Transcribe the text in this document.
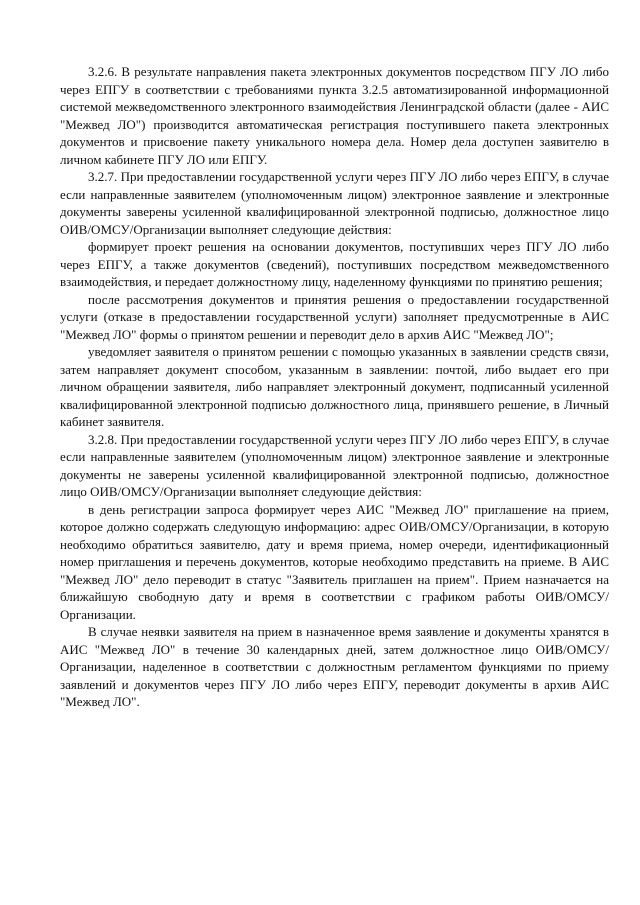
3.2.6. В результате направления пакета электронных документов посредством ПГУ ЛО либо через ЕПГУ в соответствии с требованиями пункта 3.2.5 автоматизированной информационной системой межведомственного электронного взаимодействия Ленинградской области (далее - АИС "Межвед ЛО") производится автоматическая регистрация поступившего пакета электронных документов и присвоение пакету уникального номера дела. Номер дела доступен заявителю в личном кабинете ПГУ ЛО или ЕПГУ.

3.2.7. При предоставлении государственной услуги через ПГУ ЛО либо через ЕПГУ, в случае если направленные заявителем (уполномоченным лицом) электронное заявление и электронные документы заверены усиленной квалифицированной электронной подписью, должностное лицо ОИВ/ОМСУ/Организации выполняет следующие действия:

формирует проект решения на основании документов, поступивших через ПГУ ЛО либо через ЕПГУ, а также документов (сведений), поступивших посредством межведомственного взаимодействия, и передает должностному лицу, наделенному функциями по принятию решения;

после рассмотрения документов и принятия решения о предоставлении государственной услуги (отказе в предоставлении государственной услуги) заполняет предусмотренные в АИС "Межвед ЛО" формы о принятом решении и переводит дело в архив АИС "Межвед ЛО";

уведомляет заявителя о принятом решении с помощью указанных в заявлении средств связи, затем направляет документ способом, указанным в заявлении: почтой, либо выдает его при личном обращении заявителя, либо направляет электронный документ, подписанный усиленной квалифицированной электронной подписью должностного лица, принявшего решение, в Личный кабинет заявителя.

3.2.8. При предоставлении государственной услуги через ПГУ ЛО либо через ЕПГУ, в случае если направленные заявителем (уполномоченным лицом) электронное заявление и электронные документы не заверены усиленной квалифицированной электронной подписью, должностное лицо ОИВ/ОМСУ/Организации выполняет следующие действия:

в день регистрации запроса формирует через АИС "Межвед ЛО" приглашение на прием, которое должно содержать следующую информацию: адрес ОИВ/ОМСУ/Организации, в которую необходимо обратиться заявителю, дату и время приема, номер очереди, идентификационный номер приглашения и перечень документов, которые необходимо представить на приеме. В АИС "Межвед ЛО" дело переводит в статус "Заявитель приглашен на прием". Прием назначается на ближайшую свободную дату и время в соответствии с графиком работы ОИВ/ОМСУ/Организации.

В случае неявки заявителя на прием в назначенное время заявление и документы хранятся в АИС "Межвед ЛО" в течение 30 календарных дней, затем должностное лицо ОИВ/ОМСУ/Организации, наделенное в соответствии с должностным регламентом функциями по приему заявлений и документов через ПГУ ЛО либо через ЕПГУ, переводит документы в архив АИС "Межвед ЛО".
